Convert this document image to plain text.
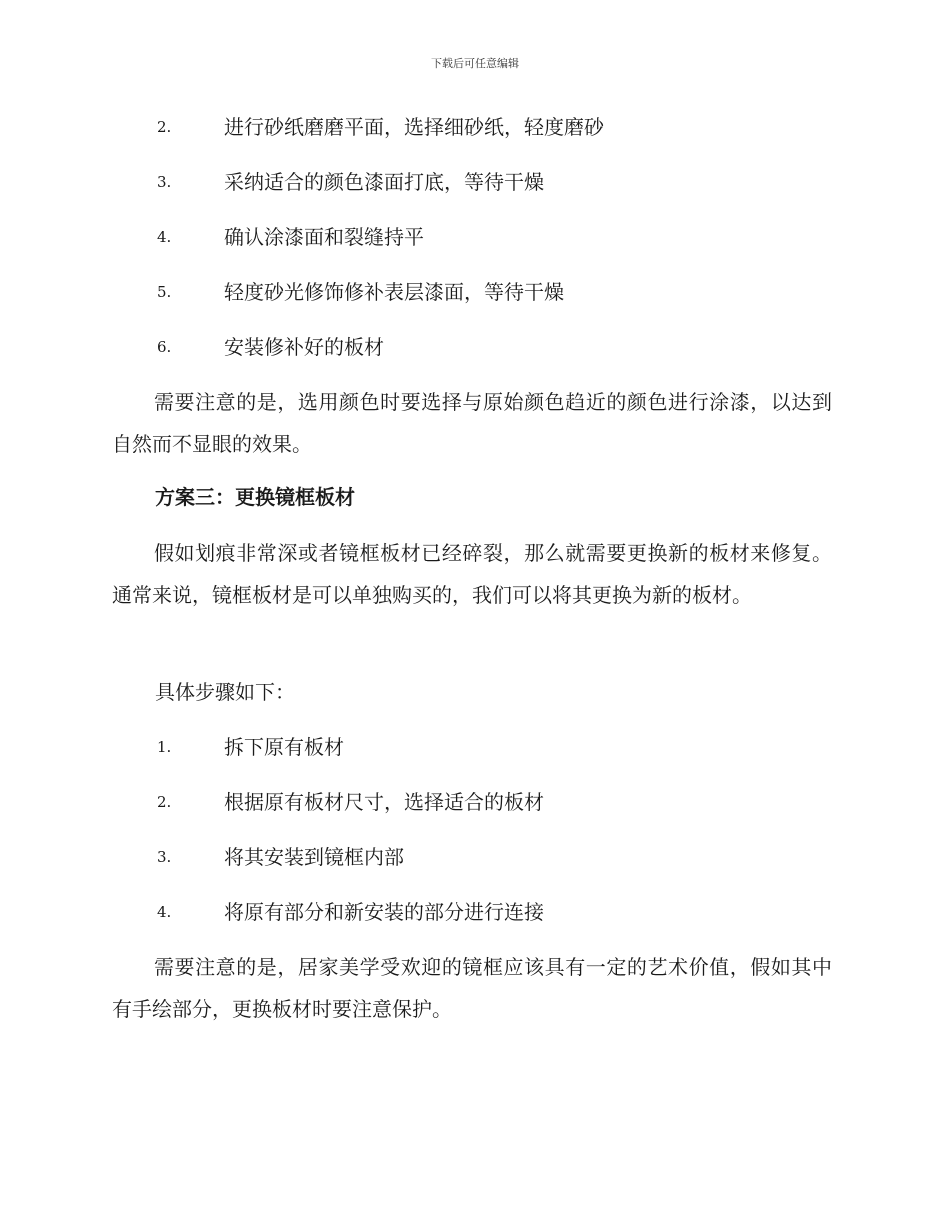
下载后可任意编辑
2.	进行砂纸磨磨平面，选择细砂纸，轻度磨砂
3.	采纳适合的颜色漆面打底，等待干燥
4.	确认涂漆面和裂缝持平
5.	轻度砂光修饰修补表层漆面，等待干燥
6.	安装修补好的板材

需要注意的是，选用颜色时要选择与原始颜色趋近的颜色进行涂漆，以达到自然而不显眼的效果。

方案三：更换镜框板材

假如划痕非常深或者镜框板材已经碎裂，那么就需要更换新的板材来修复。通常来说，镜框板材是可以单独购买的，我们可以将其更换为新的板材。

具体步骤如下：

1.	拆下原有板材
2.	根据原有板材尺寸，选择适合的板材
3.	将其安装到镜框内部
4.	将原有部分和新安装的部分进行连接

需要注意的是，居家美学受欢迎的镜框应该具有一定的艺术价值，假如其中有手绘部分，更换板材时要注意保护。
